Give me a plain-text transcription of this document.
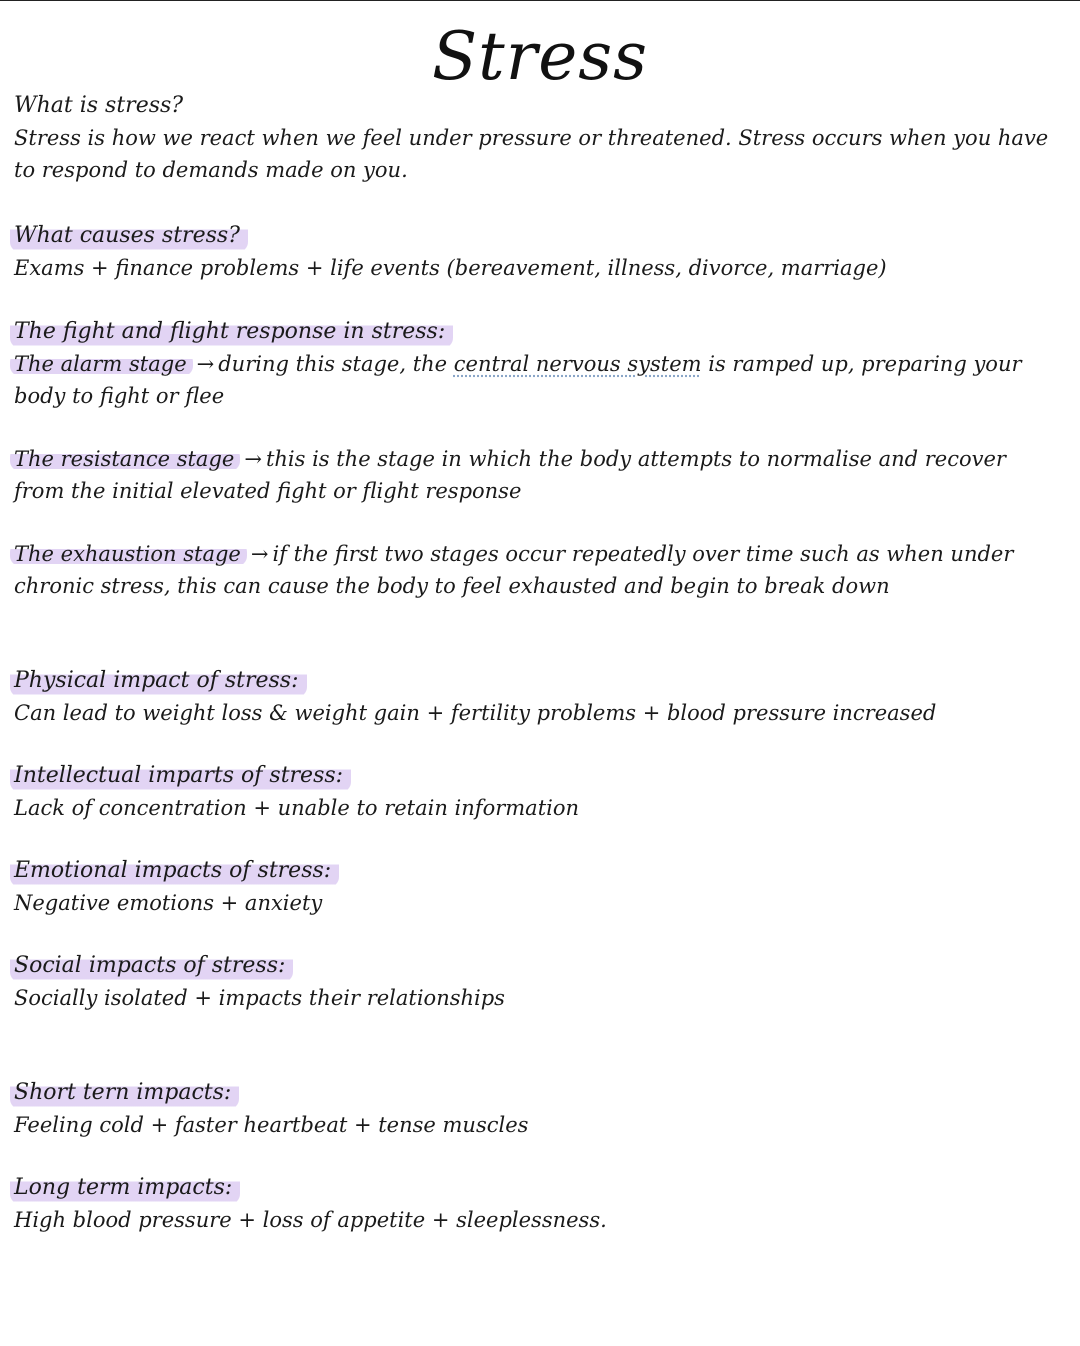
Stress
What is stress?
Stress is how we react when we feel under pressure or threatened. Stress occurs when you have to respond to demands made on you.
What causes stress?
Exams + finance problems + life events (bereavement, illness, divorce, marriage)
The fight and flight response in stress:
The alarm stage → during this stage, the central nervous system is ramped up, preparing your body to fight or flee
The resistance stage → this is the stage in which the body attempts to normalise and recover from the initial elevated fight or flight response
The exhaustion stage → if the first two stages occur repeatedly over time such as when under chronic stress, this can cause the body to feel exhausted and begin to break down
Physical impact of stress:
Can lead to weight loss & weight gain + fertility problems + blood pressure increased
Intellectual imparts of stress:
Lack of concentration + unable to retain information
Emotional impacts of stress:
Negative emotions + anxiety
Social impacts of stress:
Socially isolated + impacts their relationships
Short tern impacts:
Feeling cold + faster heartbeat + tense muscles
Long term impacts:
High blood pressure + loss of appetite + sleeplessness.
